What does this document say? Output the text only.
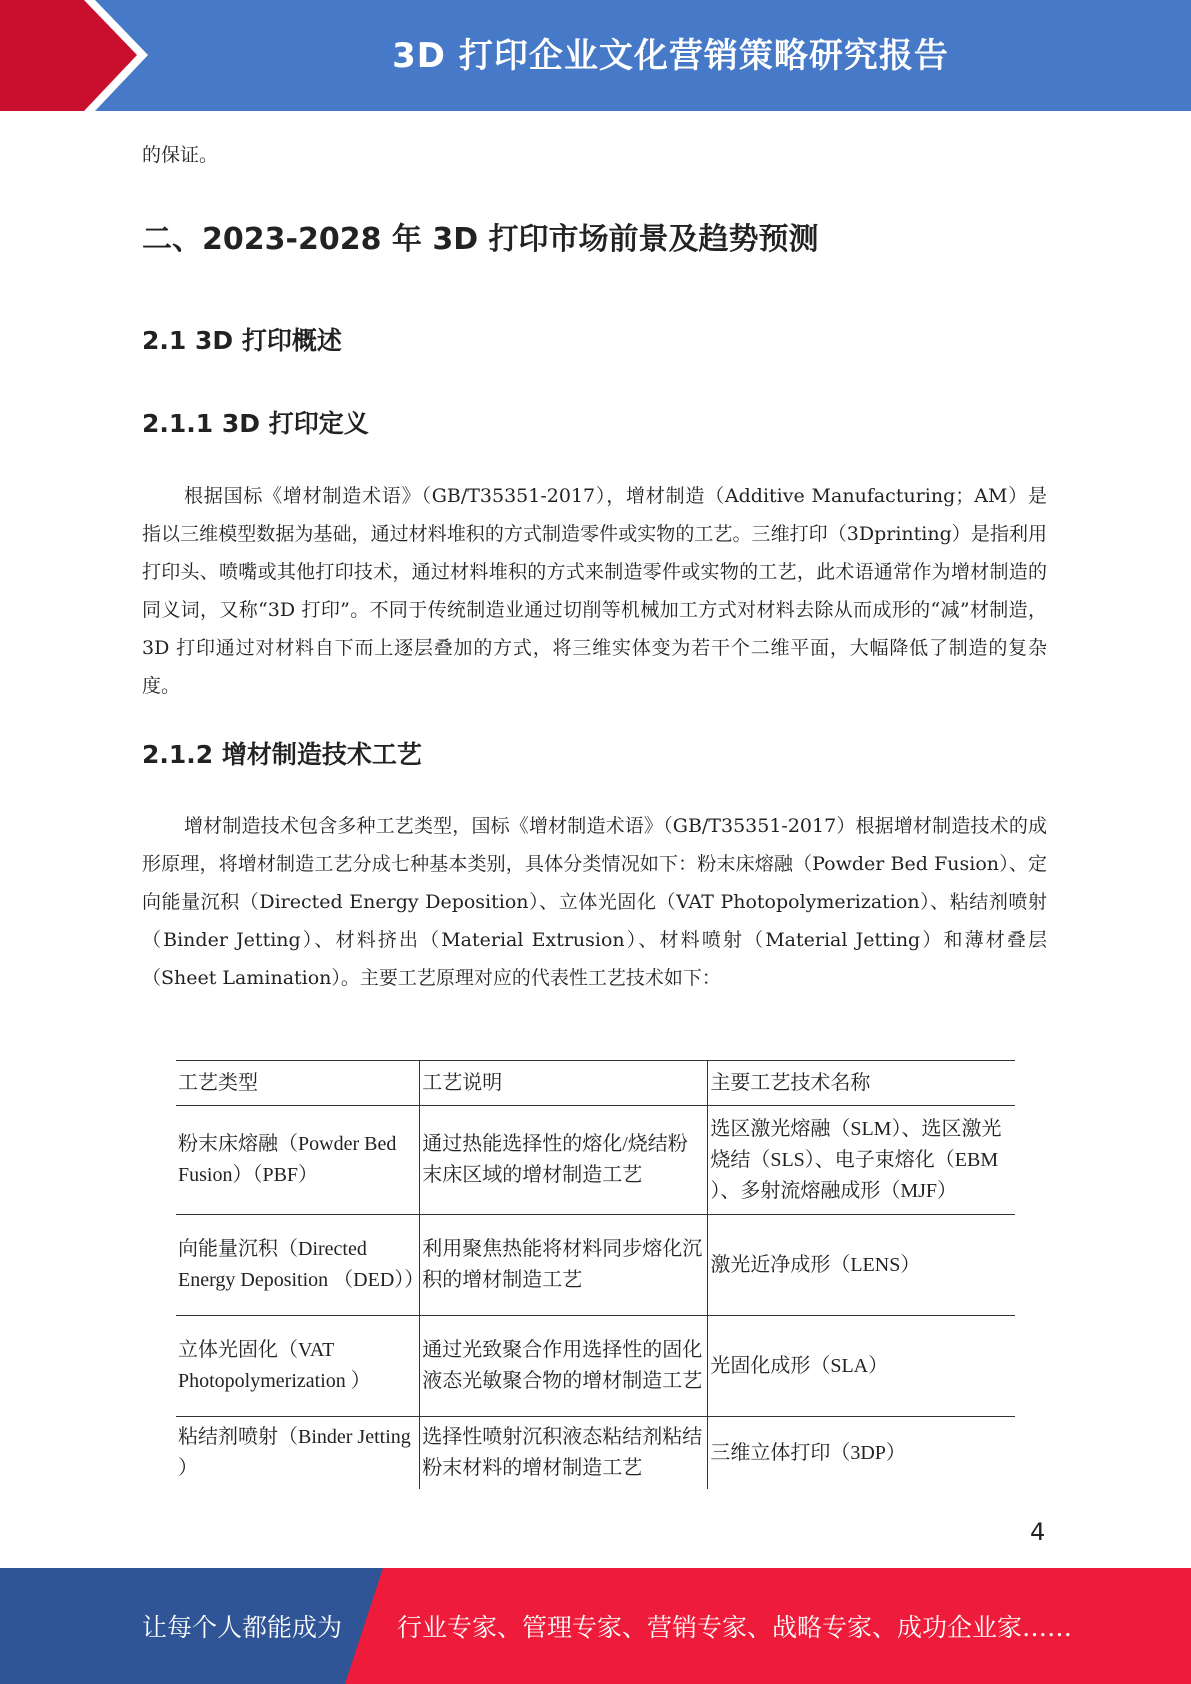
3D 打印企业文化营销策略研究报告

的保证。

二、2023-2028 年 3D 打印市场前景及趋势预测
2.1 3D 打印概述
2.1.1 3D 打印定义

根据国标《增材制造术语》（GB/T35351-2017），增材制造（Additive Manufacturing；AM）是指以三维模型数据为基础，通过材料堆积的方式制造零件或实物的工艺。三维打印（3Dprinting）是指利用打印头、喷嘴或其他打印技术，通过材料堆积的方式来制造零件或实物的工艺，此术语通常作为增材制造的同义词，又称“3D 打印”。不同于传统制造业通过切削等机械加工方式对材料去除从而成形的“减”材制造，3D 打印通过对材料自下而上逐层叠加的方式，将三维实体变为若干个二维平面，大幅降低了制造的复杂度。

2.1.2 增材制造技术工艺

增材制造技术包含多种工艺类型，国标《增材制造术语》（GB/T35351-2017）根据增材制造技术的成形原理，将增材制造工艺分成七种基本类别，具体分类情况如下：粉末床熔融（Powder Bed Fusion）、定向能量沉积（Directed Energy Deposition）、立体光固化（VAT Photopolymerization）、粘结剂喷射（Binder Jetting）、材料挤出（Material Extrusion）、材料喷射（Material Jetting）和薄材叠层（Sheet Lamination）。主要工艺原理对应的代表性工艺技术如下：

工艺类型	工艺说明	主要工艺技术名称
粉末床熔融（Powder Bed Fusion）（PBF）	通过热能选择性的熔化/烧结粉末床区域的增材制造工艺	选区激光熔融（SLM）、选区激光烧结（SLS）、电子束熔化（EBM ）、多射流熔融成形（MJF）

向能量沉积（Directed Energy Deposition （DED））	利用聚焦热能将材料同步熔化沉积的增材制造工艺	激光近净成形（LENS）
立体光固化（VAT Photopolymerization ）	通过光致聚合作用选择性的固化液态光敏聚合物的增材制造工艺	光固化成形（SLA）
粘结剂喷射（Binder Jetting ）	选择性喷射沉积液态粘结剂粘结粉末材料的增材制造工艺	三维立体打印（3DP）
4
让每个人都能成为 行业专家、管理专家、营销专家、战略专家、成功企业家……
